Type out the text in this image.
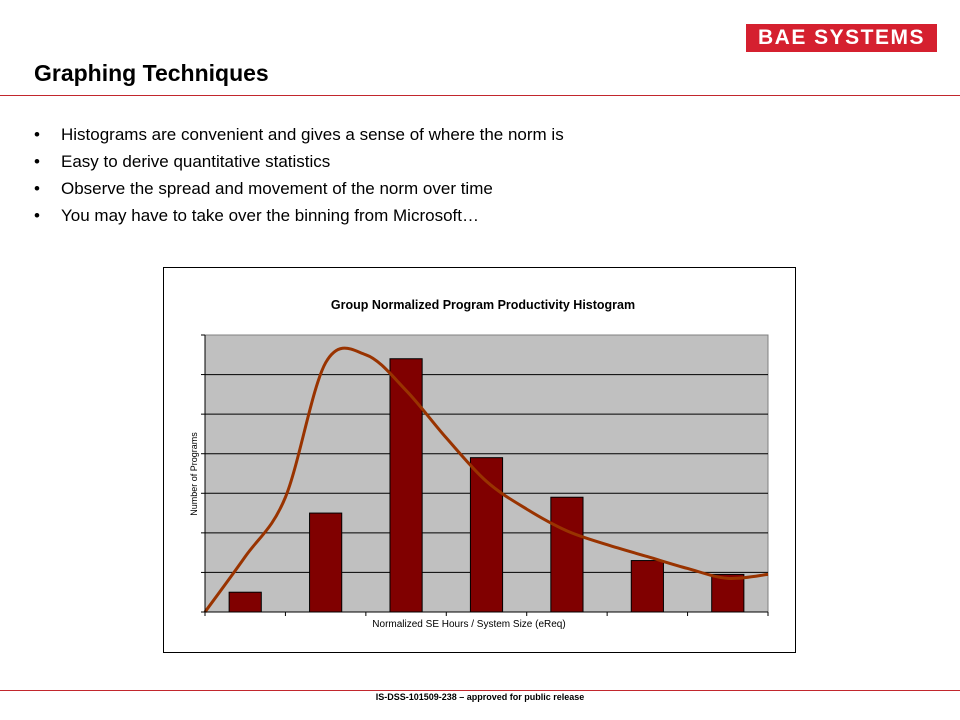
BAE SYSTEMS
Graphing Techniques
•	Histograms are convenient and gives a sense of where the norm is
•	Easy to derive quantitative statistics
•	Observe the spread and movement of the norm over time
•	You may have to take over the binning from Microsoft…
Group Normalized Program Productivity Histogram
Normalized SE Hours / System Size (eReq)
Number of Programs
IS-DSS-101509-238 – approved for public release
